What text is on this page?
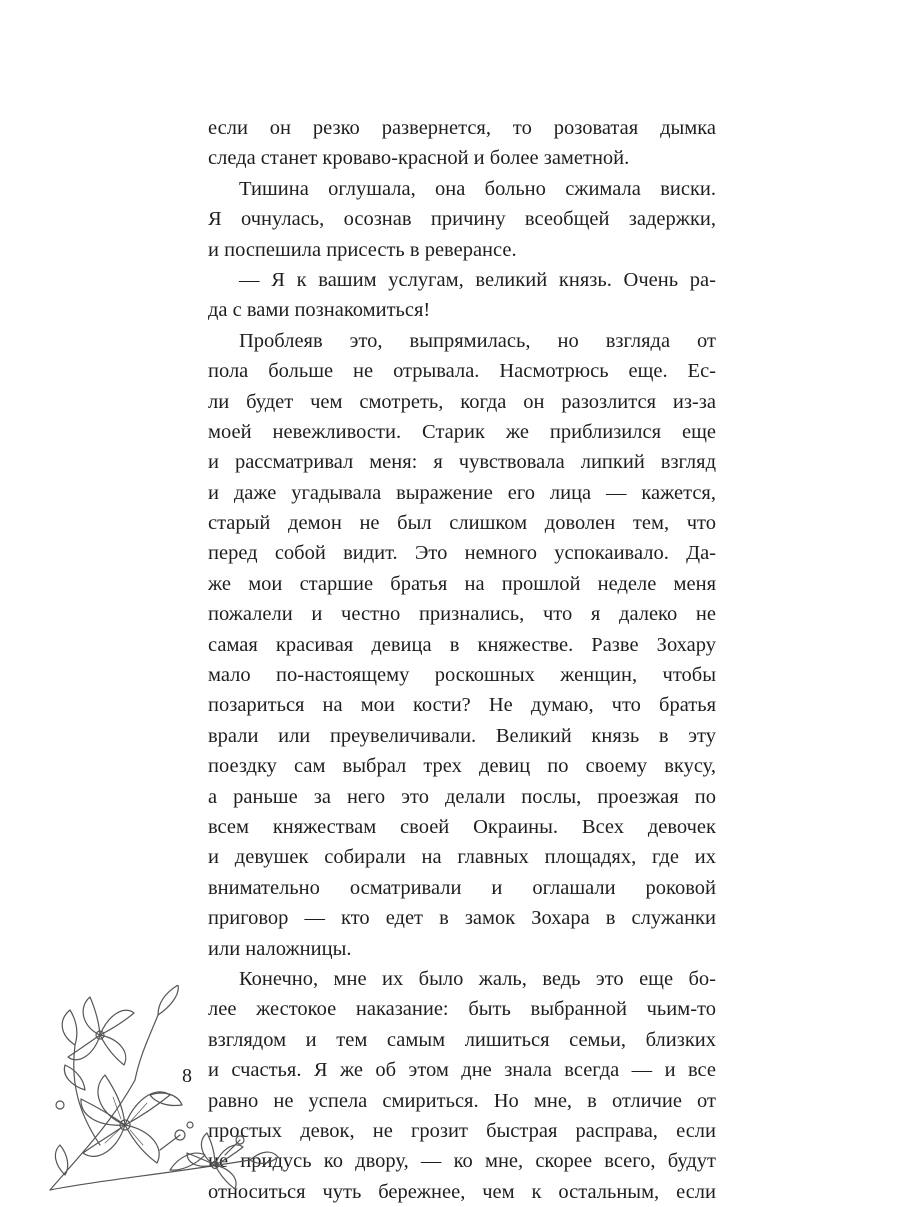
если он резко развернется, то розоватая дымка
следа станет кроваво-красной и более заметной.
Тишина оглушала, она больно сжимала виски.
Я очнулась, осознав причину всеобщей задержки,
и поспешила присесть в реверансе.
— Я к вашим услугам, великий князь. Очень ра-
да с вами познакомиться!
Проблеяв это, выпрямилась, но взгляда от
пола больше не отрывала. Насмотрюсь еще. Ес-
ли будет чем смотреть, когда он разозлится из-за
моей невежливости. Старик же приблизился еще
и рассматривал меня: я чувствовала липкий взгляд
и даже угадывала выражение его лица — кажется,
старый демон не был слишком доволен тем, что
перед собой видит. Это немного успокаивало. Да-
же мои старшие братья на прошлой неделе меня
пожалели и честно признались, что я далеко не
самая красивая девица в княжестве. Разве Зохару
мало по-настоящему роскошных женщин, чтобы
позариться на мои кости? Не думаю, что братья
врали или преувеличивали. Великий князь в эту
поездку сам выбрал трех девиц по своему вкусу,
а раньше за него это делали послы, проезжая по
всем княжествам своей Окраины. Всех девочек
и девушек собирали на главных площадях, где их
внимательно осматривали и оглашали роковой
приговор — кто едет в замок Зохара в служанки
или наложницы.
Конечно, мне их было жаль, ведь это еще бо-
лее жестокое наказание: быть выбранной чьим-то
взглядом и тем самым лишиться семьи, близких
и счастья. Я же об этом дне знала всегда — и все
равно не успела смириться. Но мне, в отличие от
простых девок, не грозит быстрая расправа, если
не придусь ко двору, — ко мне, скорее всего, будут
относиться чуть бережнее, чем к остальным, если
8
